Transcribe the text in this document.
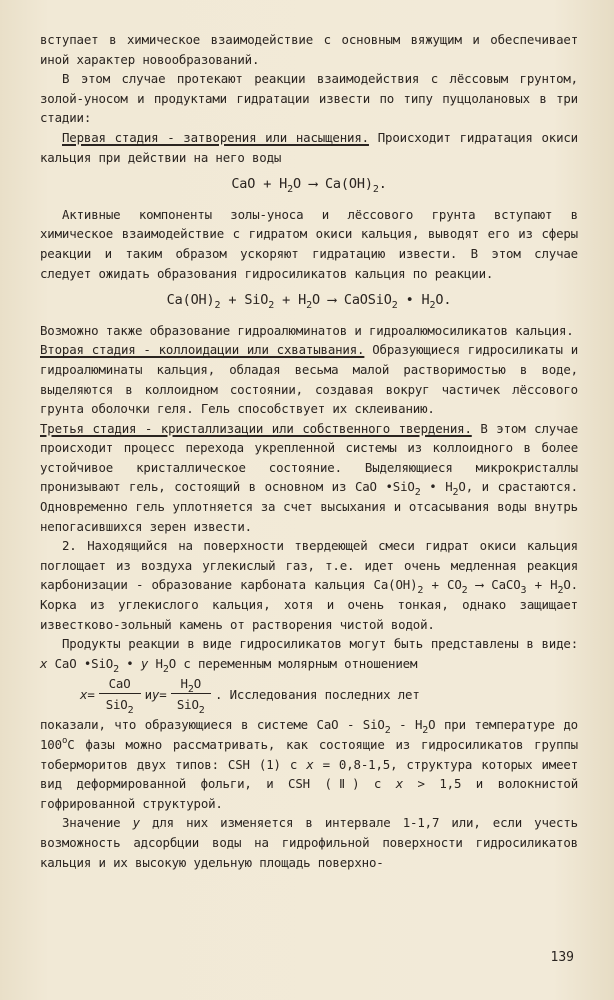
вступает в химическое взаимодействие с основным вяжущим и обеспечивает иной характер новообразований.

В этом случае протекают реакции взаимодействия с лёссовым грунтом, золой-уносом и продуктами гидратации извести по типу пуццолановых в три стадии:

Первая стадия - затворения или насыщения. Происходит гидратация окиси кальция при действии на него воды

CaO + $H_2O$ ⟶ $Ca(OH)_2$.

Активные компоненты золы-уноса и лёссового грунта вступают в химическое взаимодействие с гидратом окиси кальция, выводят его из сферы реакции и таким образом ускоряют гидратацию извести. В этом случае следует ожидать образования гидросиликатов кальция по реакции.

$Ca(OH)_2 + SiO_2 + H_2O$ ⟶ CaOSiO$_2$ • $H_2O$.

Возможно также образование гидроалюминатов и гидроалюмосиликатов кальция.

Вторая стадия - коллоидации или схватывания. Образующиеся гидросиликаты и гидроалюминаты кальция, обладая весьма малой растворимостью в воде, выделяются в коллоидном состоянии, создавая вокруг частичек лёссового грунта оболочки геля. Гель способствует их склеиванию.

Третья стадия - кристаллизации или собственного твердения. В этом случае происходит процесс перехода укрепленной системы из коллоидного в более устойчивое кристаллическое состояние. Выделяющиеся микрокристаллы пронизывают гель, состоящий в основном из CaO •SiO$_2$ • $H_2O$, и срастаются. Одновременно гель уплотняется за счет высыхания и отсасывания воды внутрь непогасившихся зерен извести.

2. Находящийся на поверхности твердеющей смеси гидрат окиси кальция поглощает из воздуха углекислый газ, т.е. идет очень медленная реакция карбонизации - образование карбоната кальция $Ca(OH)_2 + CO_2$ ⟶ CaCO$_3$ + $H_2O$. Корка из углекислого кальция, хотя и очень тонкая, однако защищает известково-зольный камень от растворения чистой водой.

Продукты реакции в виде гидросиликатов могут быть представлены в виде: x CaO •SiO$_2$ • y $H_2O$ с переменным молярным отношением

$x = \frac{\text{CaO}}{SiO_2}$ и $y = \frac{H_2O}{SiO_2}$ . Исследования последних лет

показали, что образующиеся в системе CaO - $SiO_2 - H_2O$ при температуре до 100$^o$С фазы можно рассматривать, как состоящие из гидросиликатов группы тоберморитов двух типов: CSH (1) с x = 0,8-1,5, структура которых имеет вид деформированной фольги, и CSH (Ⅱ) с x > 1,5 и волокнистой гофрированной структурой.

Значение y для них изменяется в интервале 1-1,7 или, если учесть возможность адсорбции воды на гидрофильной поверхности гидросиликатов кальция и их высокую удельную площадь поверхно-

139
